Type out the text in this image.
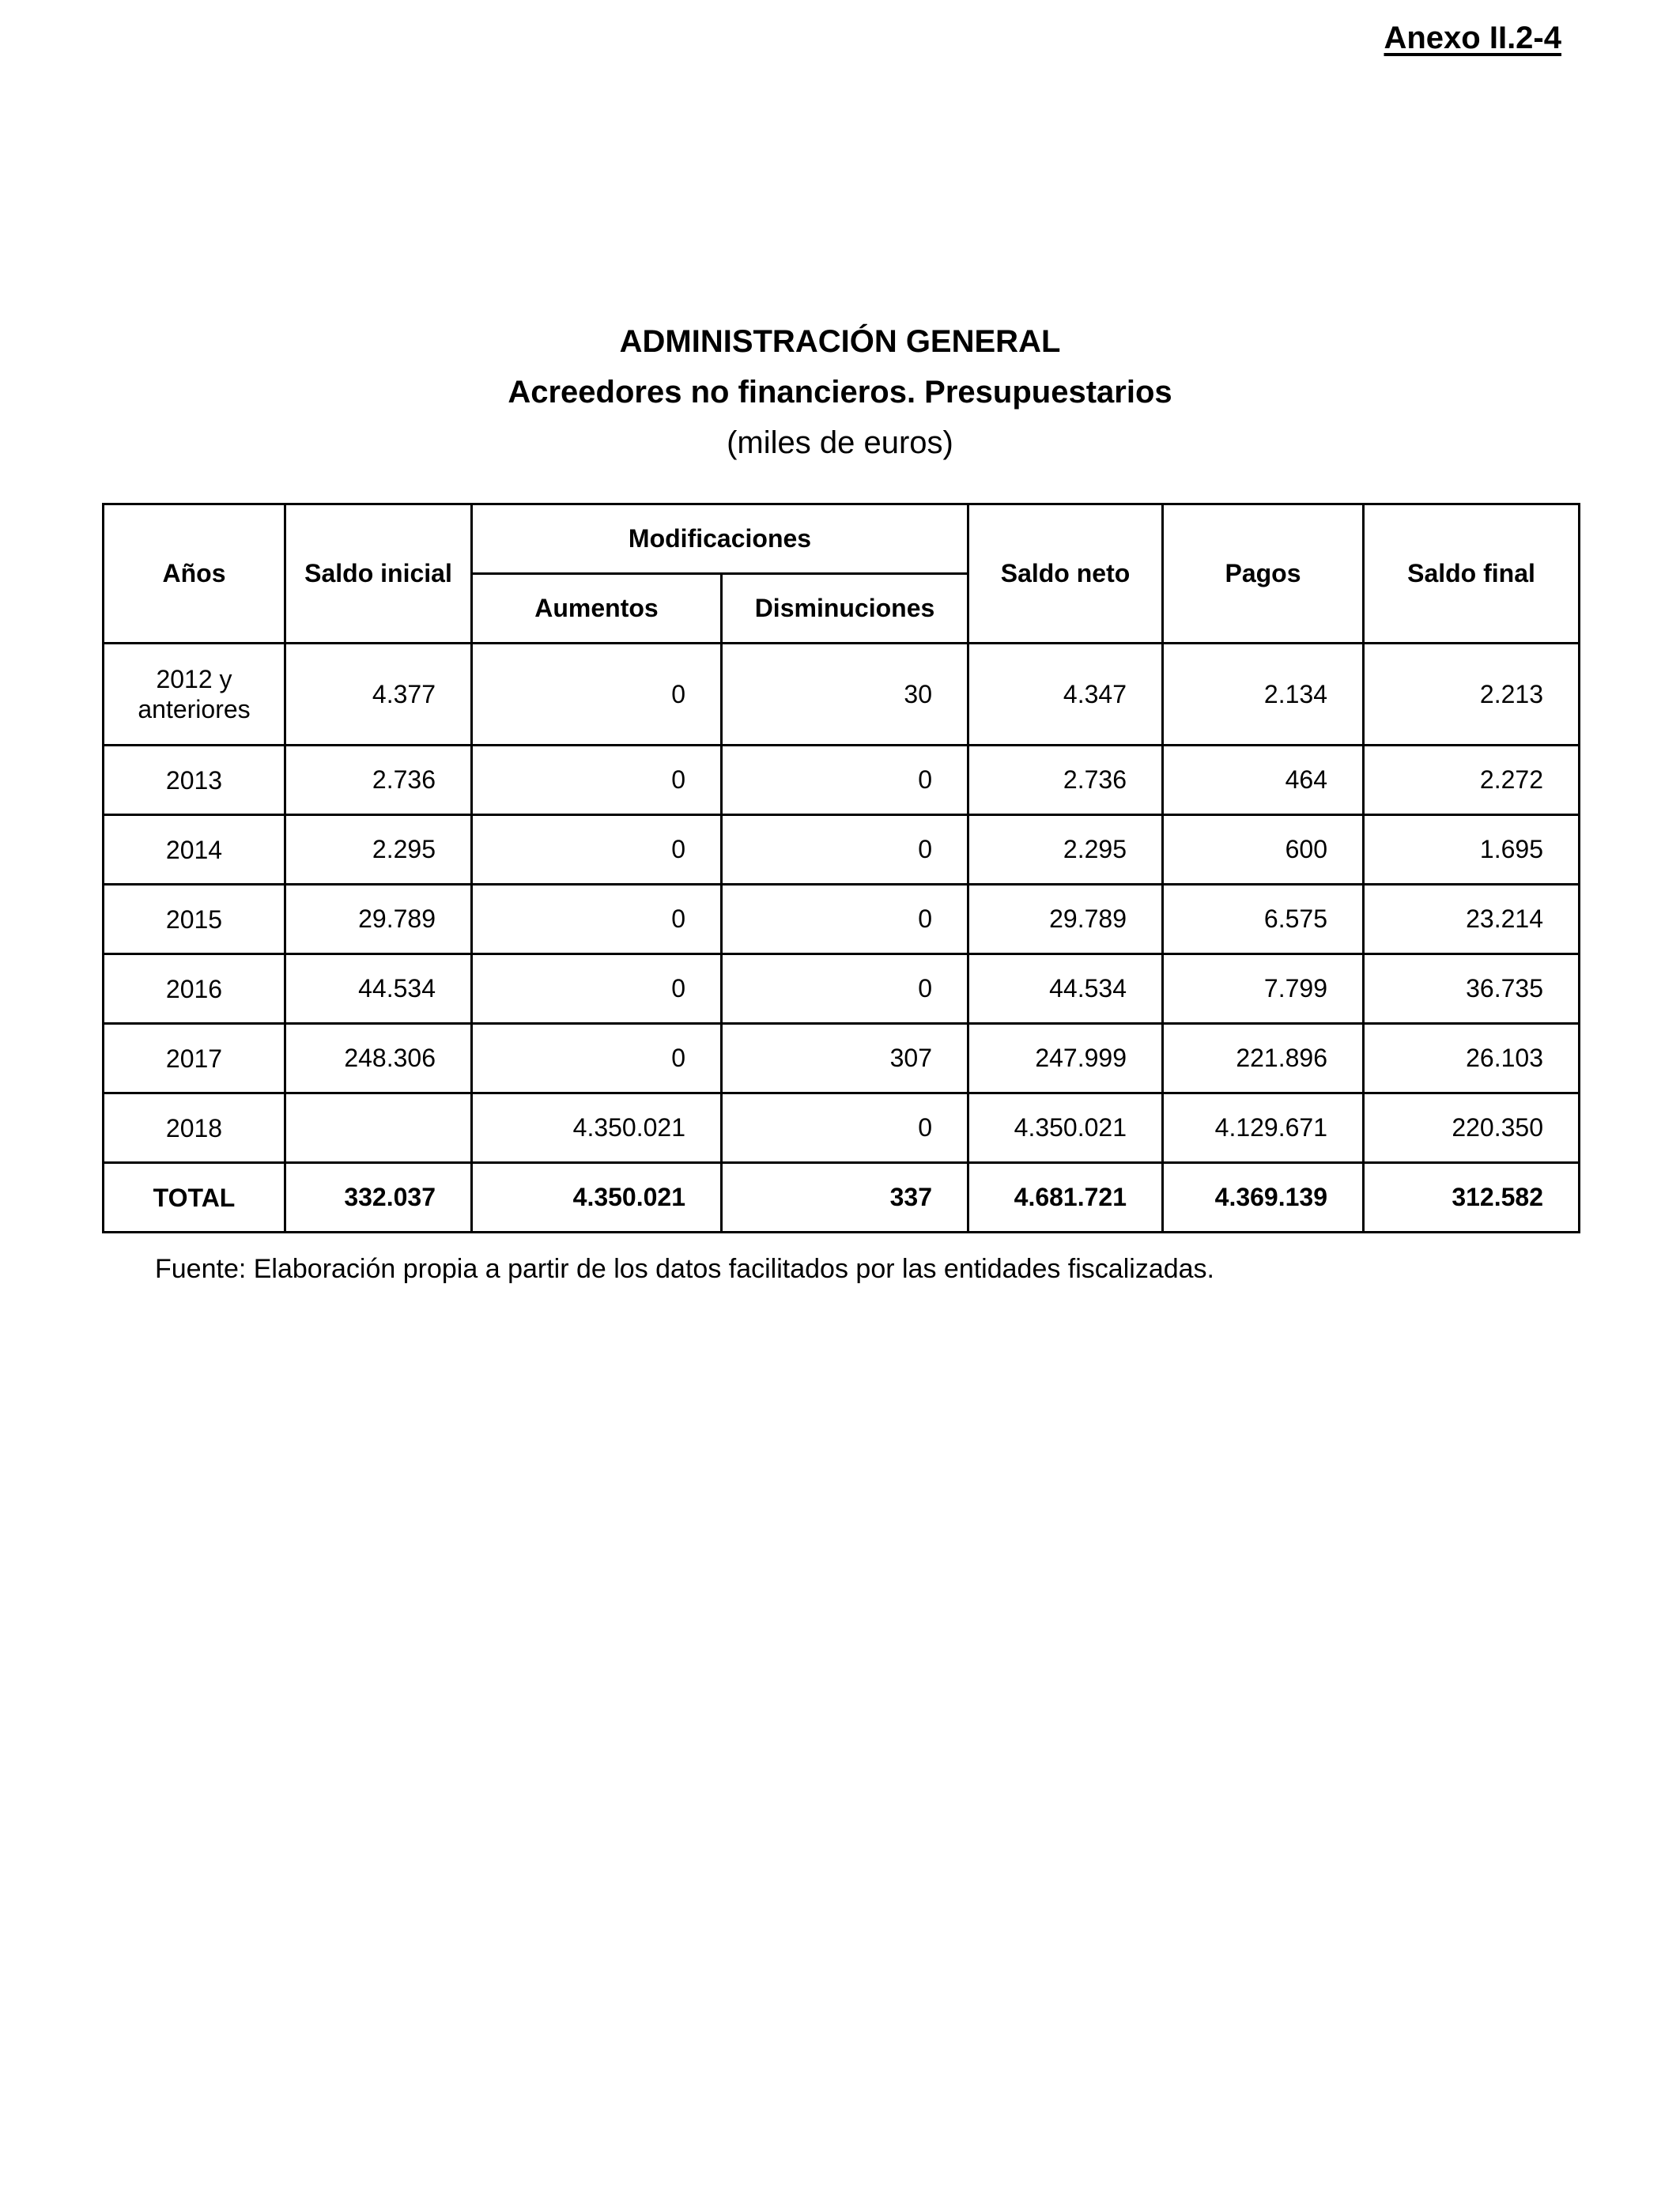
Anexo II.2-4
ADMINISTRACIÓN GENERAL
Acreedores no financieros. Presupuestarios
(miles de euros)
Años	Saldo inicial	Modificaciones		Saldo neto	Pagos	Saldo final
		Aumentos	Disminuciones			
2012 y anteriores	4.377	0	30	4.347	2.134	2.213
2013	2.736	0	0	2.736	464	2.272
2014	2.295	0	0	2.295	600	1.695
2015	29.789	0	0	29.789	6.575	23.214
2016	44.534	0	0	44.534	7.799	36.735
2017	248.306	0	307	247.999	221.896	26.103
2018		4.350.021	0	4.350.021	4.129.671	220.350
TOTAL	332.037	4.350.021	337	4.681.721	4.369.139	312.582
Fuente: Elaboración propia a partir de los datos facilitados por las entidades fiscalizadas.
